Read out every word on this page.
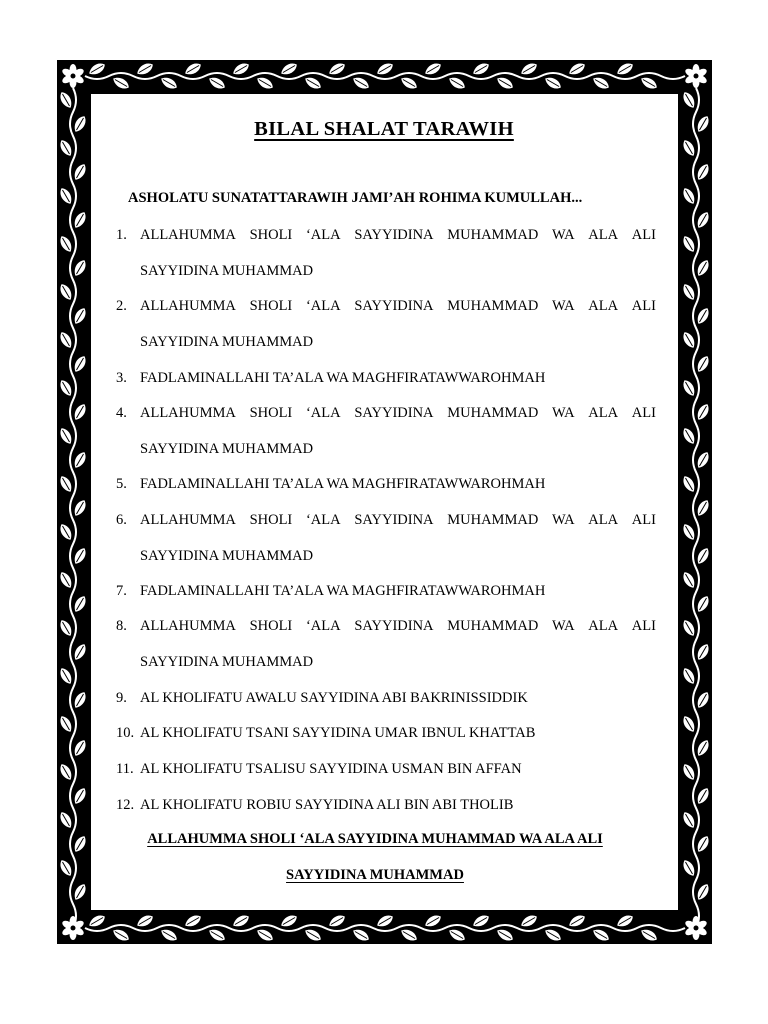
BILAL SHALAT TARAWIH
ASHOLATU SUNATATTARAWIH JAMI’AH ROHIMA KUMULLAH...
1. ALLAHUMMA SHOLI ‘ALA SAYYIDINA MUHAMMAD WA ALA ALI
SAYYIDINA MUHAMMAD
2. ALLAHUMMA SHOLI ‘ALA SAYYIDINA MUHAMMAD WA ALA ALI
SAYYIDINA MUHAMMAD
3. FADLAMINALLAHI TA’ALA WA MAGHFIRATAWWAROHMAH
4. ALLAHUMMA SHOLI ‘ALA SAYYIDINA MUHAMMAD WA ALA ALI
SAYYIDINA MUHAMMAD
5. FADLAMINALLAHI TA’ALA WA MAGHFIRATAWWAROHMAH
6. ALLAHUMMA SHOLI ‘ALA SAYYIDINA MUHAMMAD WA ALA ALI
SAYYIDINA MUHAMMAD
7. FADLAMINALLAHI TA’ALA WA MAGHFIRATAWWAROHMAH
8. ALLAHUMMA SHOLI ‘ALA SAYYIDINA MUHAMMAD WA ALA ALI
SAYYIDINA MUHAMMAD
9. AL KHOLIFATU AWALU SAYYIDINA ABI BAKRINISSIDDIK
10. AL KHOLIFATU TSANI SAYYIDINA UMAR IBNUL KHATTAB
11. AL KHOLIFATU TSALISU SAYYIDINA USMAN BIN AFFAN
12. AL KHOLIFATU ROBIU SAYYIDINA ALI BIN ABI THOLIB
ALLAHUMMA SHOLI ‘ALA SAYYIDINA MUHAMMAD WA ALA ALI
SAYYIDINA MUHAMMAD
